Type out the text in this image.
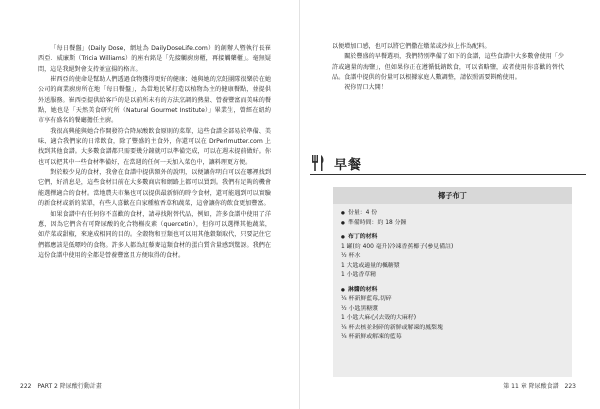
「每日餐盤」(Daily Dose，網址為 DailyDoseLife.com）的創辦人暨執行長崔西亞．威廉斯（Tricia Williams）的座右銘是「先接觸廚房櫃，再接觸藥櫃」。毫無疑問，這是我絕對會支持並宣揚的格言。

崔西亞的使命是幫助人們透過食物獲得更好的健康；她與她的烹飪團隊很樂於在她公司的商業廚房所在地「每日餐盤」，為當地民眾打造以植物為主的健康餐點，並提供外送服務。崔西亞提供給客戶的是以前所未有的方法烹調的熱量、營養豐富而美味的餐點，她也是「天然美食研究所（Natural Gourmet Institute）」畢業生，曾經在紐約市享有盛名的餐廳擔任主廚。

我很高興能與她合作開發符合降尿酸飲食原則的菜單，這些食譜全部易於準備、美味、適合我們家的日常飲食，除了豐盛的主食外，你還可以在 DrPerlmutter.com 上找到其他食譜。大多數食譜都只需要幾分鐘就可以準備完成，可以在週末提前做好。你也可以把其中一些食材準備好，在當週的任何一天加入菜色中，讓料理更方便。

對於較少見的食材，我會在食譜中提供額外的說明，以便讓你明白可以在哪裡找到它們，好消息是，這些食材目前在大多數商店和網路上都可以買到。我們有足夠的機會能選擇適合的食材。當地農夫市集也可以提供最新鮮的時令食材，還可能遇到可以實驗的新食材或新的菜單，有些人喜歡在自家種植香草和蔬菜，這會讓你的飲食更加豐富。

如果食譜中有任何你不喜歡的食材，請尋找附替代品，例如，許多食譜中使用了洋蔥，因為它們含有可降尿酸的化合物槲皮素（quercetin），但你可以選擇其他蔬菜，如芹菜或甜椒，來達成相同的目的。全穀物和豆類也可以用其他穀類取代，只要記住它們都應該是低嘌呤的食物。許多人都為紅藜麥這類食材的蛋白質含量感到驚訝。我們在這份食譜中使用的全都是營養豐富且方便取得的食材。

222 PART 2 降尿酸行動計畫

以便增加口感，也可以將它們撒在燉菜或沙拉上作為配料。

關於豐盛的早餐選項，我們特別準備了如下的食譜，這些食譜中大多數會使用「少許或適量的海鹽」，但如果你正在遵循低鈉飲食，可以省略鹽，或者使用你喜歡的替代品。食譜中提供的份量可以根據家庭人數調整，請依照需要斟酌使用。

祝你胃口大開！

早餐
椰子布丁
● 份量：4 份
● 準備時間：約 18 分鐘
● 布丁的材料
1 罐(約 400 毫升)冷凍香蕉椰子(參見備註)
½ 杯水
1 大匙或適量的楓糖漿
1 小匙香草精
● 淋醬的材料
¼ 杯新鮮藍莓,切碎
½ 小匙黑糖漿
1 小匙大麻心(去殼的大麻籽)
¼ 杯去核並剁碎的新鮮或解凍的鳳梨塊
¼ 杯新鮮或解凍的藍莓
第 11 章 降尿酸食譜 223
